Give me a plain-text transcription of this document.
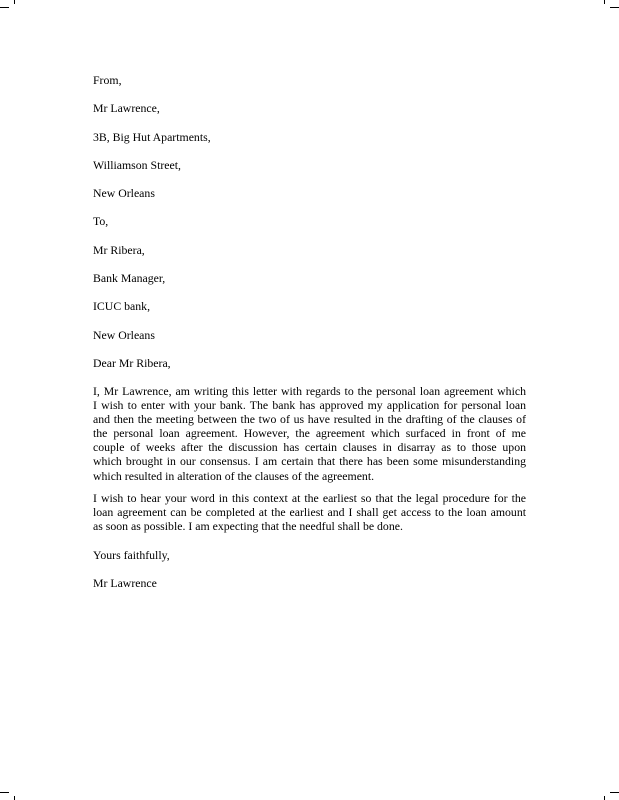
From,
Mr Lawrence,
3B, Big Hut Apartments,
Williamson Street,
New Orleans
To,
Mr Ribera,
Bank Manager,
ICUC bank,
New Orleans
Dear Mr Ribera,
I, Mr Lawrence, am writing this letter with regards to the personal loan agreement which
I wish to enter with your bank. The bank has approved my application for personal loan
and then the meeting between the two of us have resulted in the drafting of the clauses of
the personal loan agreement. However, the agreement which surfaced in front of me
couple of weeks after the discussion has certain clauses in disarray as to those upon
which brought in our consensus. I am certain that there has been some misunderstanding
which resulted in alteration of the clauses of the agreement.
I wish to hear your word in this context at the earliest so that the legal procedure for the
loan agreement can be completed at the earliest and I shall get access to the loan amount
as soon as possible. I am expecting that the needful shall be done.
Yours faithfully,
Mr Lawrence
